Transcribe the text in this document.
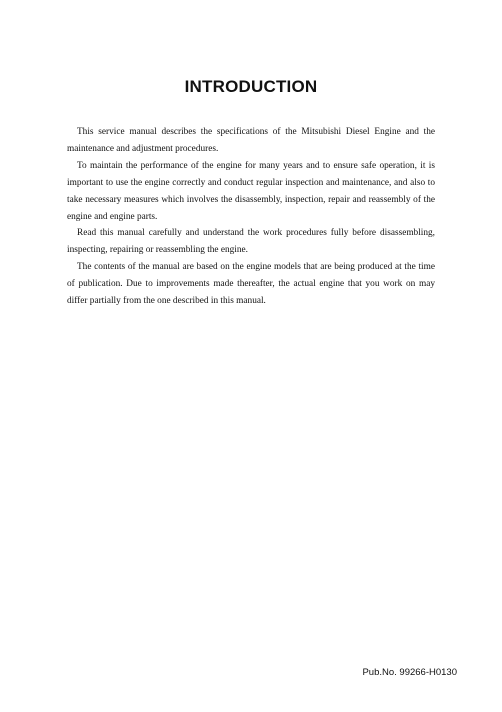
INTRODUCTION

This service manual describes the specifications of the Mitsubishi Diesel Engine and the maintenance and adjustment procedures.

To maintain the performance of the engine for many years and to ensure safe operation, it is important to use the engine correctly and conduct regular inspection and maintenance, and also to take necessary measures which involves the disassembly, inspection, repair and reassembly of the engine and engine parts.

Read this manual carefully and understand the work procedures fully before disassembling, inspecting, repairing or reassembling the engine.

The contents of the manual are based on the engine models that are being produced at the time of publication. Due to improvements made thereafter, the actual engine that you work on may differ partially from the one described in this manual.

Pub.No. 99266-H0130
